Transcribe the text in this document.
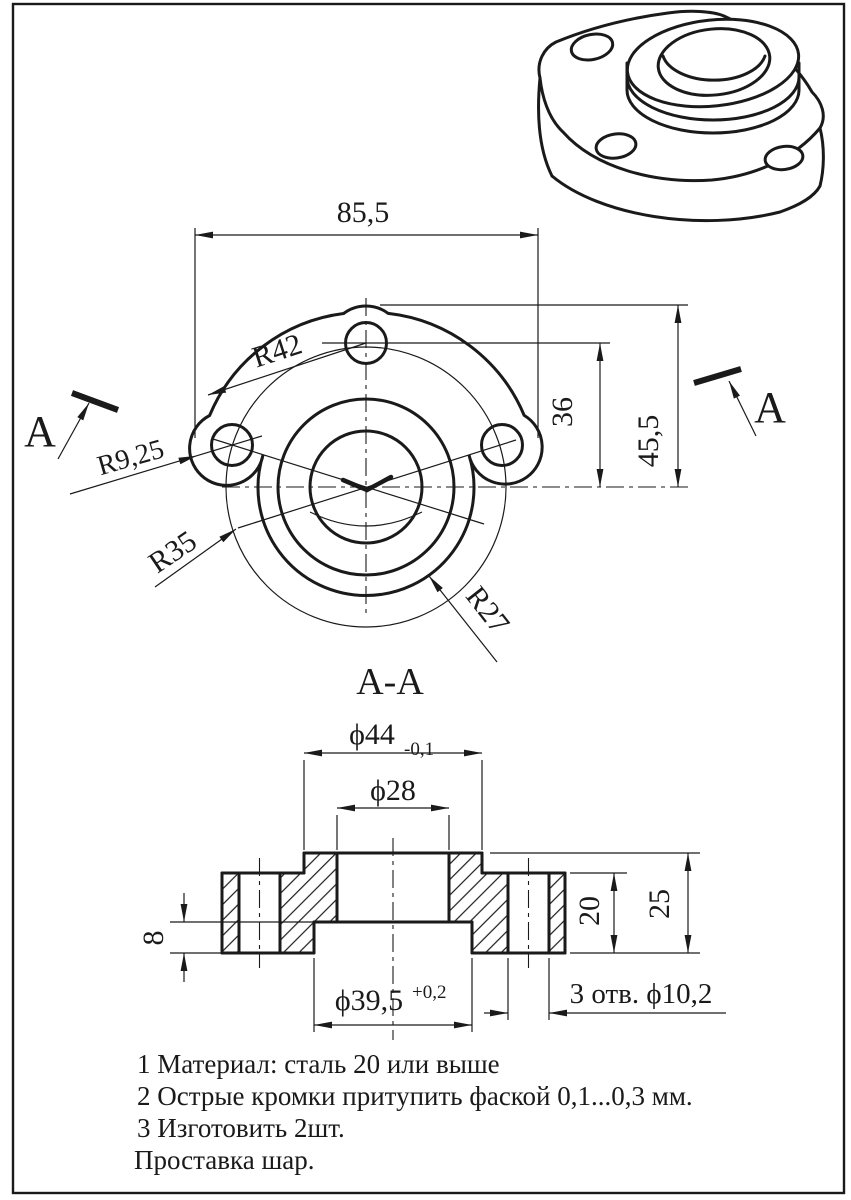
85,5
36
45,5
R42
R9,25
R35
R27
А	А
А-А
ϕ44 -0,1
ϕ28
ϕ39,5 +0,2
8
20 25
3 отв. ϕ10,2
1 Материал: сталь 20 или выше
2 Острые кромки притупить фаской 0,1...0,3 мм.
3 Изготовить 2шт.
Проставка шар.
